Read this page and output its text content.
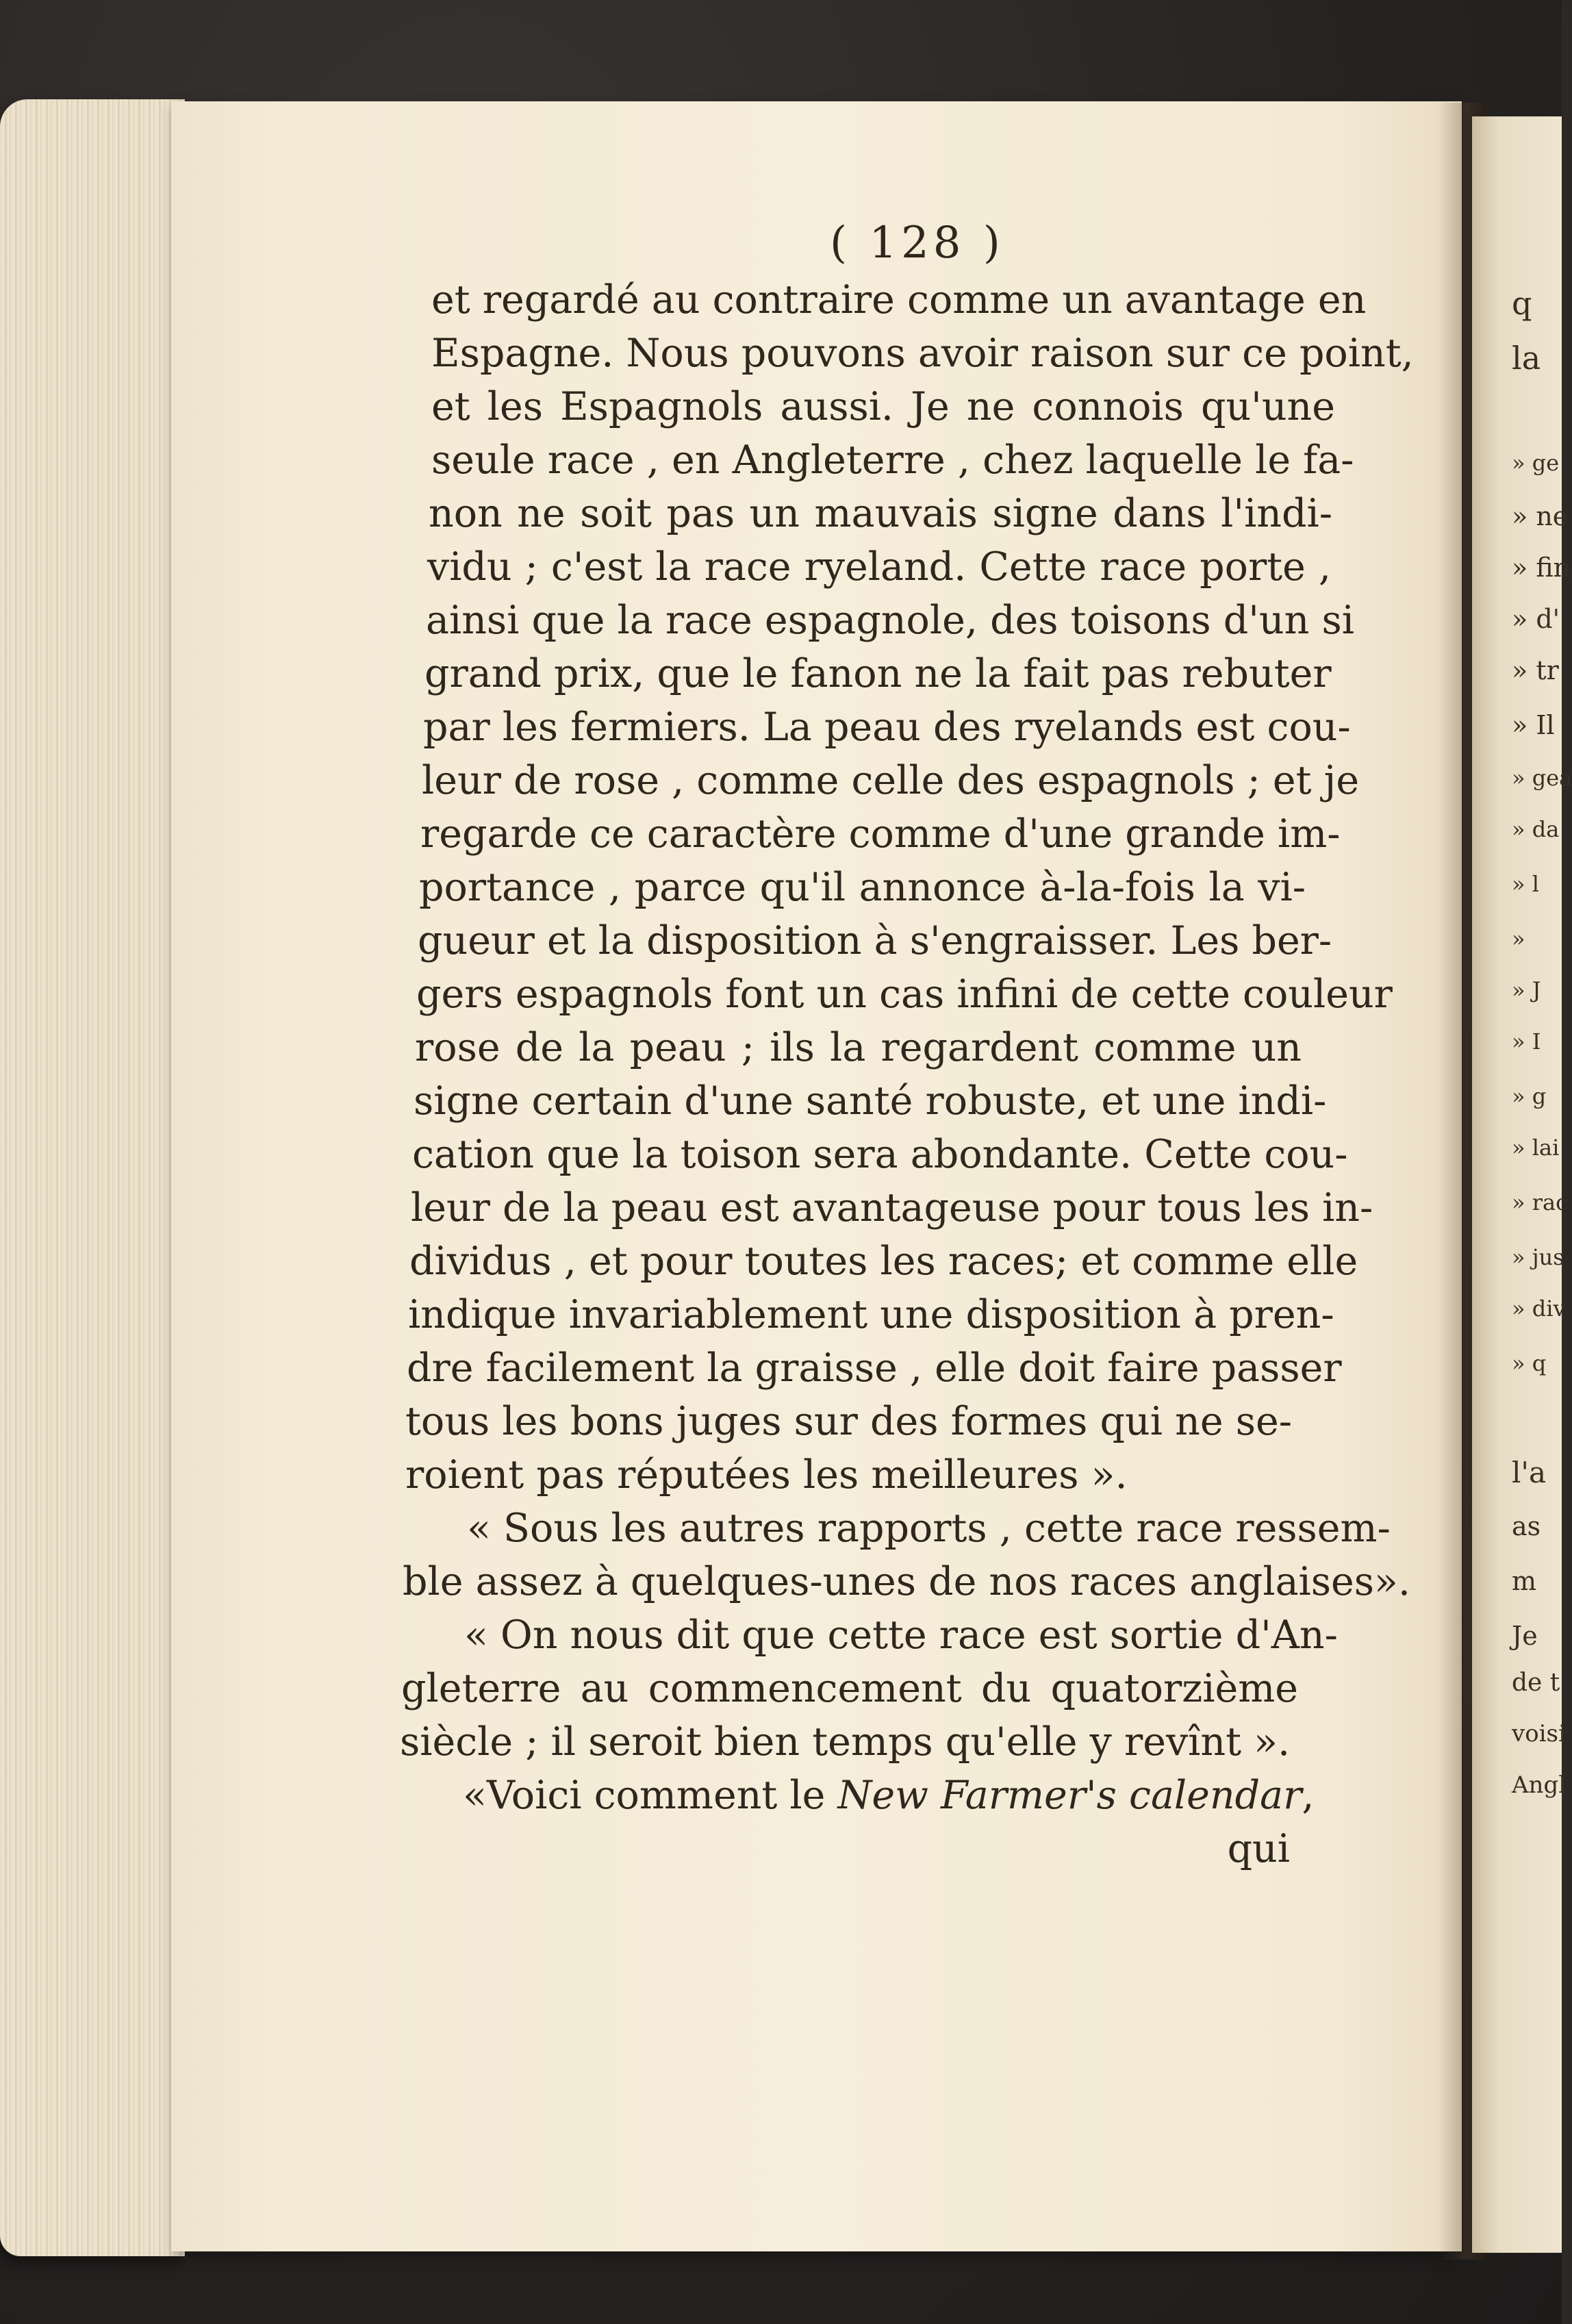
q
la
» ge
» ne
» fin
» d'
» tr
» Il
» gea
» da
» l
»
» J
» I
» g
» lai
» rac
» jus
» div
» q
l'a
as
m
Je
de t
voisi
Angl
( 128 )
et regardé au contraire comme un avantage en
Espagne. Nous pouvons avoir raison sur ce point,
et les Espagnols aussi. Je ne connois qu'une
seule race , en Angleterre , chez laquelle le fa-
non ne soit pas un mauvais signe dans l'indi-
vidu ; c'est la race ryeland. Cette race porte ,
ainsi que la race espagnole, des toisons d'un si
grand prix, que le fanon ne la fait pas rebuter
par les fermiers. La peau des ryelands est cou-
leur de rose , comme celle des espagnols ; et je
regarde ce caractère comme d'une grande im-
portance , parce qu'il annonce à-la-fois la vi-
gueur et la disposition à s'engraisser. Les ber-
gers espagnols font un cas infini de cette couleur
rose de la peau ; ils la regardent comme un
signe certain d'une santé robuste, et une indi-
cation que la toison sera abondante. Cette cou-
leur de la peau est avantageuse pour tous les in-
dividus , et pour toutes les races; et comme elle
indique invariablement une disposition à pren-
dre facilement la graisse , elle doit faire passer
tous les bons juges sur des formes qui ne se-
roient pas réputées les meilleures ».
« Sous les autres rapports , cette race ressem-
ble assez à quelques-unes de nos races anglaises».
« On nous dit que cette race est sortie d'An-
gleterre au commencement du quatorzième
siècle ; il seroit bien temps qu'elle y revînt ».
«Voici comment le New Farmer's calendar,
qui
